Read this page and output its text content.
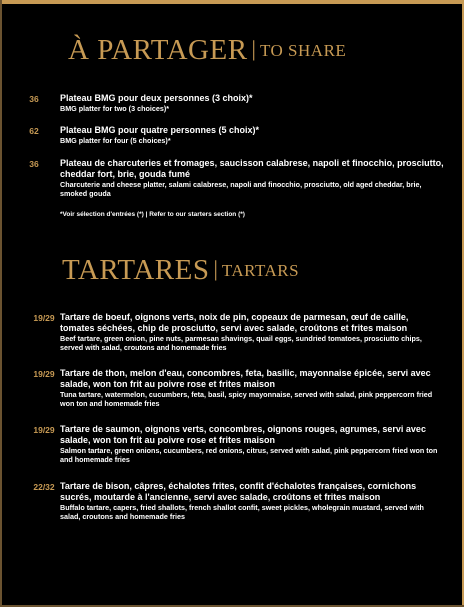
À PARTAGER | TO SHARE
36	Plateau BMG pour deux personnes (3 choix)*
BMG platter for two (3 choices)*
62	Plateau BMG pour quatre personnes (5 choix)*
BMG platter for four (5 choices)*
36	Plateau de charcuteries et fromages, saucisson calabrese, napoli et finocchio, prosciutto, cheddar fort, brie, gouda fumé
Charcuterie and cheese platter, salami calabrese, napoli and finocchio, prosciutto, old aged cheddar, brie, smoked gouda
*Voir sélection d'entrées (*) | Refer to our starters section (*)
TARTARES | TARTARS
19/29 Tartare de boeuf, oignons verts, noix de pin, copeaux de parmesan, œuf de caille, tomates séchées, chip de prosciutto, servi avec salade, croûtons et frites maison
Beef tartare, green onion, pine nuts, parmesan shavings, quail eggs, sundried tomatoes, prosciutto chips, served with salad, croutons and homemade fries
19/29 Tartare de thon, melon d'eau, concombres, feta, basilic, mayonnaise épicée, servi avec salade, won ton frit au poivre rose et frites maison
Tuna tartare, watermelon, cucumbers, feta, basil, spicy mayonnaise, served with salad, pink peppercorn fried won ton and homemade fries
19/29 Tartare de saumon, oignons verts, concombres, oignons rouges, agrumes, servi avec salade, won ton frit au poivre rose et frites maison
Salmon tartare, green onions, cucumbers, red onions, citrus, served with salad, pink peppercorn fried won ton and homemade fries
22/32 Tartare de bison, câpres, échalotes frites, confit d'échalotes françaises, cornichons sucrés, moutarde à l'ancienne, servi avec salade, croûtons et frites maison
Buffalo tartare, capers, fried shallots, french shallot confit, sweet pickles, wholegrain mustard, served with salad, croutons and homemade fries
